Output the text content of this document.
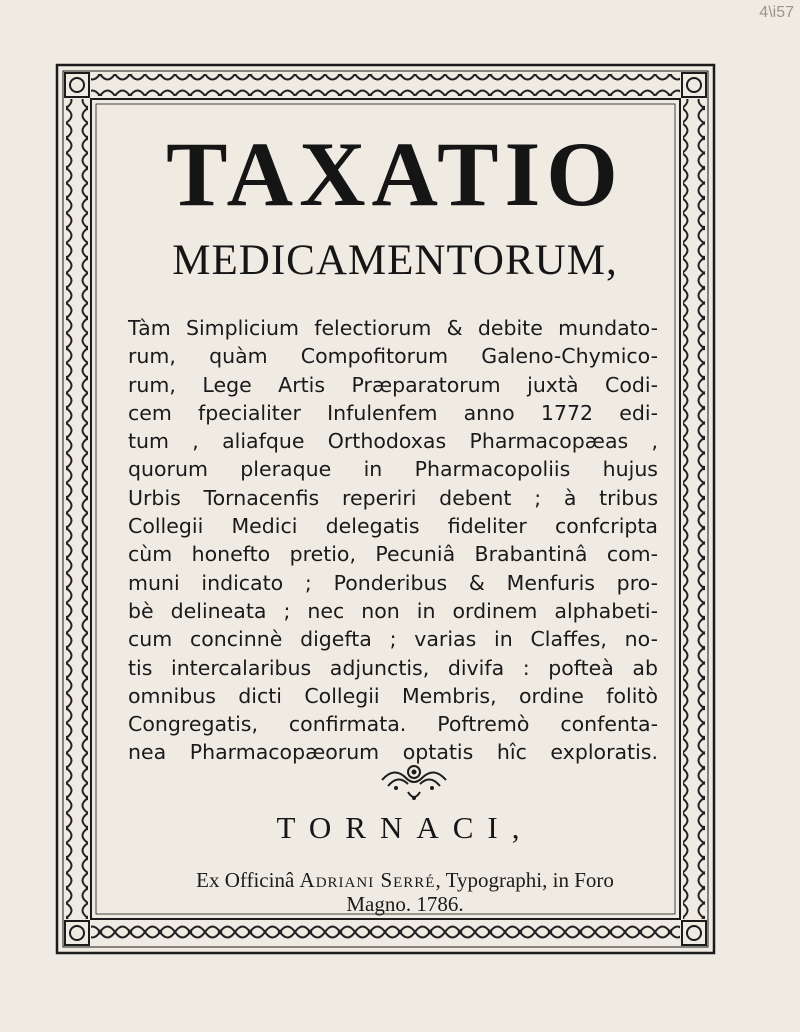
4\i57
TAXATIO
MEDICAMENTORUM,
Tàm Simplicium felectiorum & debite mundato-
rum, quàm Compofitorum Galeno-Chymico-
rum, Lege Artis Præparatorum juxtà Codi-
cem fpecialiter Infulenfem anno 1772 edi-
tum , aliafque Orthodoxas Pharmacopæas ,
quorum pleraque in Pharmacopoliis hujus
Urbis Tornacenfis reperiri debent ; à tribus
Collegii Medici delegatis fideliter confcripta
cùm honefto pretio, Pecuniâ Brabantinâ com-
muni indicato ; Ponderibus & Menfuris pro-
bè delineata ; nec non in ordinem alphabeti-
cum concinnè digefta ; varias in Claffes, no-
tis intercalaribus adjunctis, divifa : pofteà ab
omnibus dicti Collegii Membris, ordine folitò
Congregatis, confirmata. Poftremò confenta-
nea Pharmacopæorum optatis hîc exploratis.
TORNACI,
Ex Officinâ Adriani Serré, Typographi, in Foro
Magno. 1786.
